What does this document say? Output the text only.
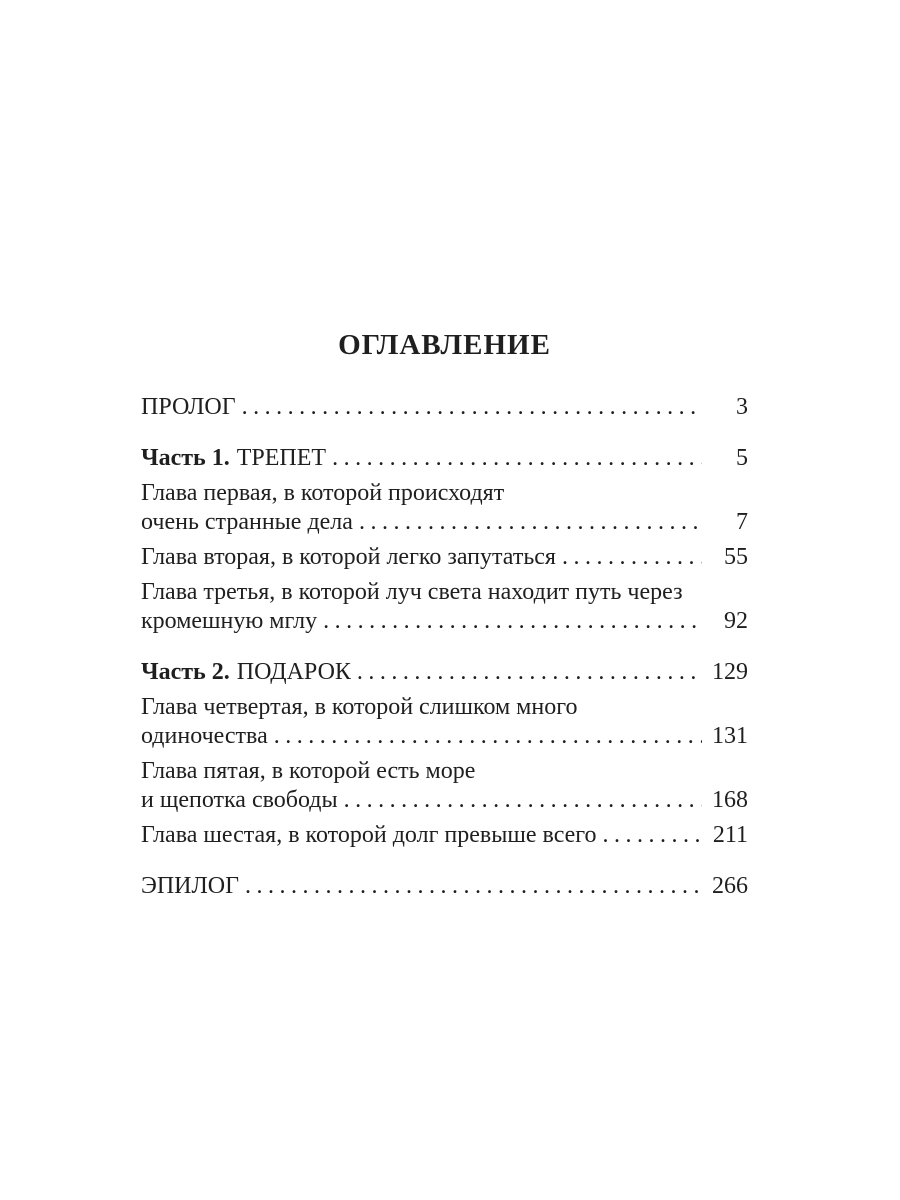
ОГЛАВЛЕНИЕ
ПРОЛОГ .....	3
Часть 1. ТРЕПЕТ .....	5
Глава первая, в которой происходят
очень странные дела .....	7
Глава вторая, в которой легко запутаться .....	55
Глава третья, в которой луч света находит путь через
кромешную мглу .....	92
Часть 2. ПОДАРОК .....	129
Глава четвертая, в которой слишком много
одиночества .....	131
Глава пятая, в которой есть море
и щепотка свободы .....	168
Глава шестая, в которой долг превыше всего .....	211
ЭПИЛОГ .....	266
